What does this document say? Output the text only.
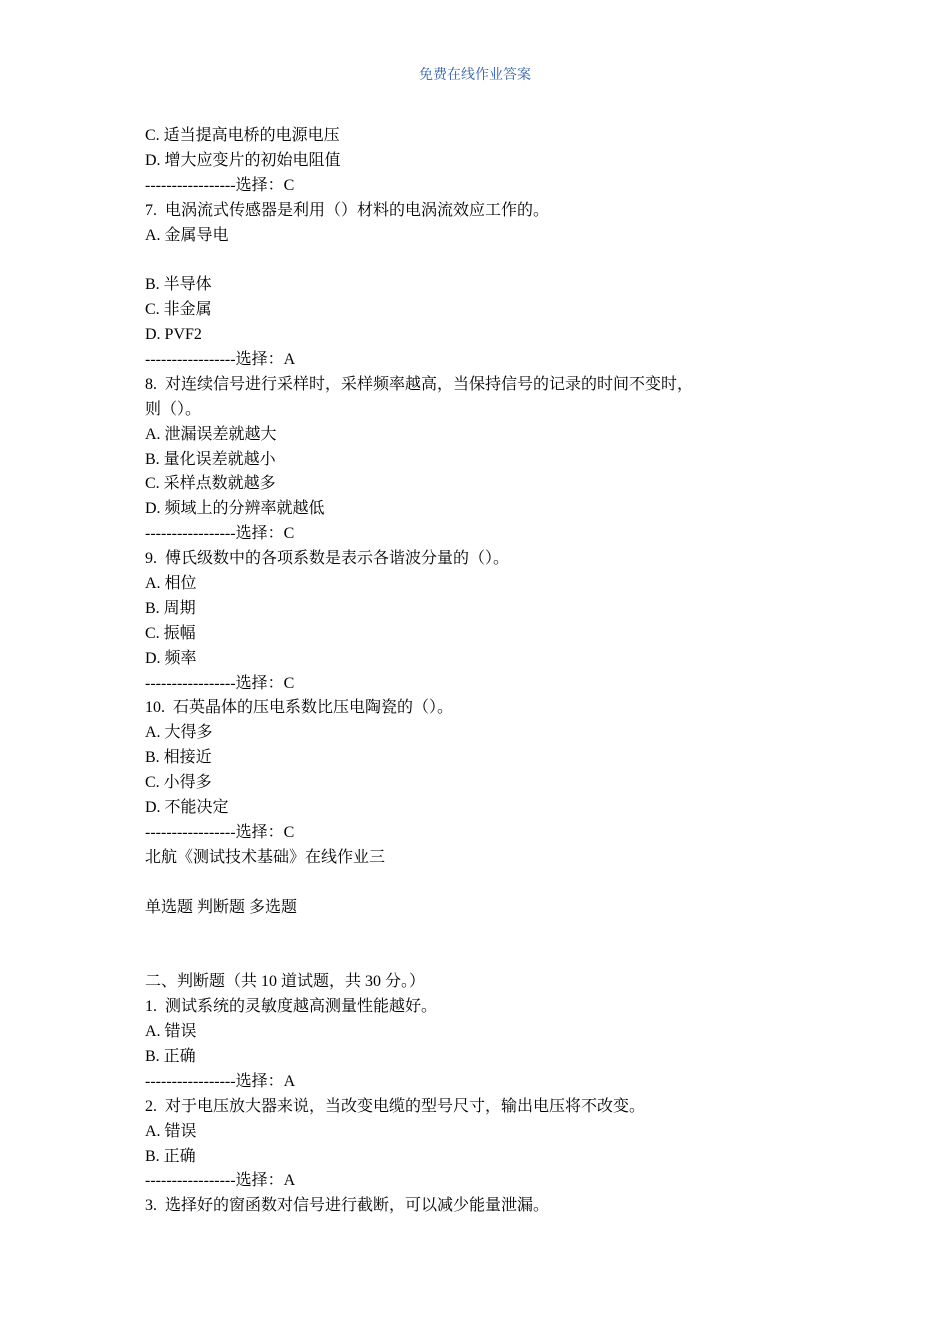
免费在线作业答案
C. 适当提高电桥的电源电压
D. 增大应变片的初始电阻值
-----------------选择：C
7.  电涡流式传感器是利用（）材料的电涡流效应工作的。
A. 金属导电
B. 半导体
C. 非金属
D. PVF2
-----------------选择：A
8.  对连续信号进行采样时，采样频率越高，当保持信号的记录的时间不变时，
则（）。
A. 泄漏误差就越大
B. 量化误差就越小
C. 采样点数就越多
D. 频域上的分辨率就越低
-----------------选择：C
9.  傅氏级数中的各项系数是表示各谐波分量的（）。
A. 相位
B. 周期
C. 振幅
D. 频率
-----------------选择：C
10.  石英晶体的压电系数比压电陶瓷的（）。
A. 大得多
B. 相接近
C. 小得多
D. 不能决定
-----------------选择：C
北航《测试技术基础》在线作业三
单选题 判断题 多选题
二、判断题（共 10 道试题，共 30 分。）
1.  测试系统的灵敏度越高测量性能越好。
A. 错误
B. 正确
-----------------选择：A
2.  对于电压放大器来说，当改变电缆的型号尺寸，输出电压将不改变。
A. 错误
B. 正确
-----------------选择：A
3.  选择好的窗函数对信号进行截断，可以减少能量泄漏。
